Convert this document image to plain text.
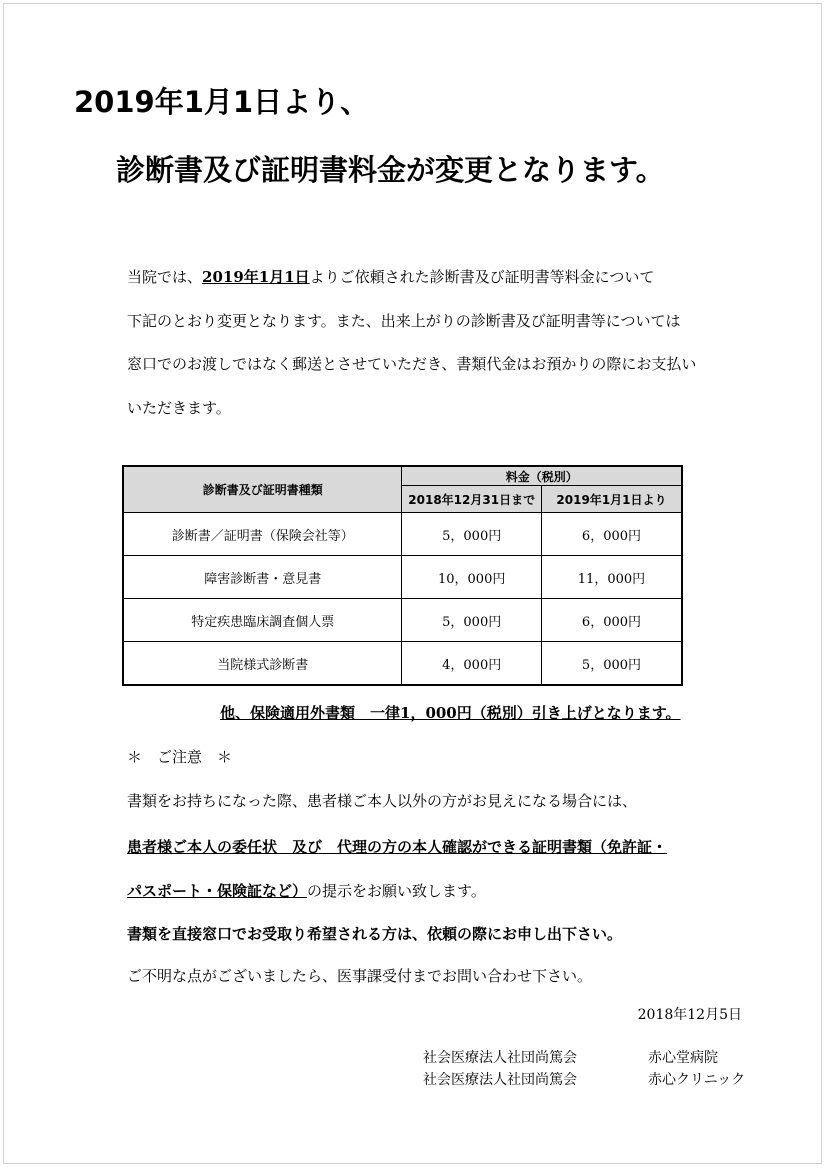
2019年1月1日より、
診断書及び証明書料金が変更となります。
当院では、2019年1月1日よりご依頼された診断書及び証明書等料金について
下記のとおり変更となります。また、出来上がりの診断書及び証明書等については
窓口でのお渡しではなく郵送とさせていただき、書類代金はお預かりの際にお支払い
いただきます。
診断書及び証明書種類	料金（税別）	
	2018年12月31日まで	2019年1月1日より
診断書／証明書（保険会社等）	5，000円	6，000円
障害診断書・意見書	10，000円	11，000円
特定疾患臨床調査個人票	5，000円	6，000円
当院様式診断書	4，000円	5，000円
他、保険適用外書類　一律1，000円（税別）引き上げとなります。
＊　ご注意　＊
書類をお持ちになった際、患者様ご本人以外の方がお見えになる場合には、
患者様ご本人の委任状　及び　代理の方の本人確認ができる証明書類（免許証・
パスポート・保険証など）の提示をお願い致します。
書類を直接窓口でお受取り希望される方は、依頼の際にお申し出下さい。
ご不明な点がございましたら、医事課受付までお問い合わせ下さい。
2018年12月5日
社会医療法人社団尚篤会	赤心堂病院
社会医療法人社団尚篤会	赤心クリニック
